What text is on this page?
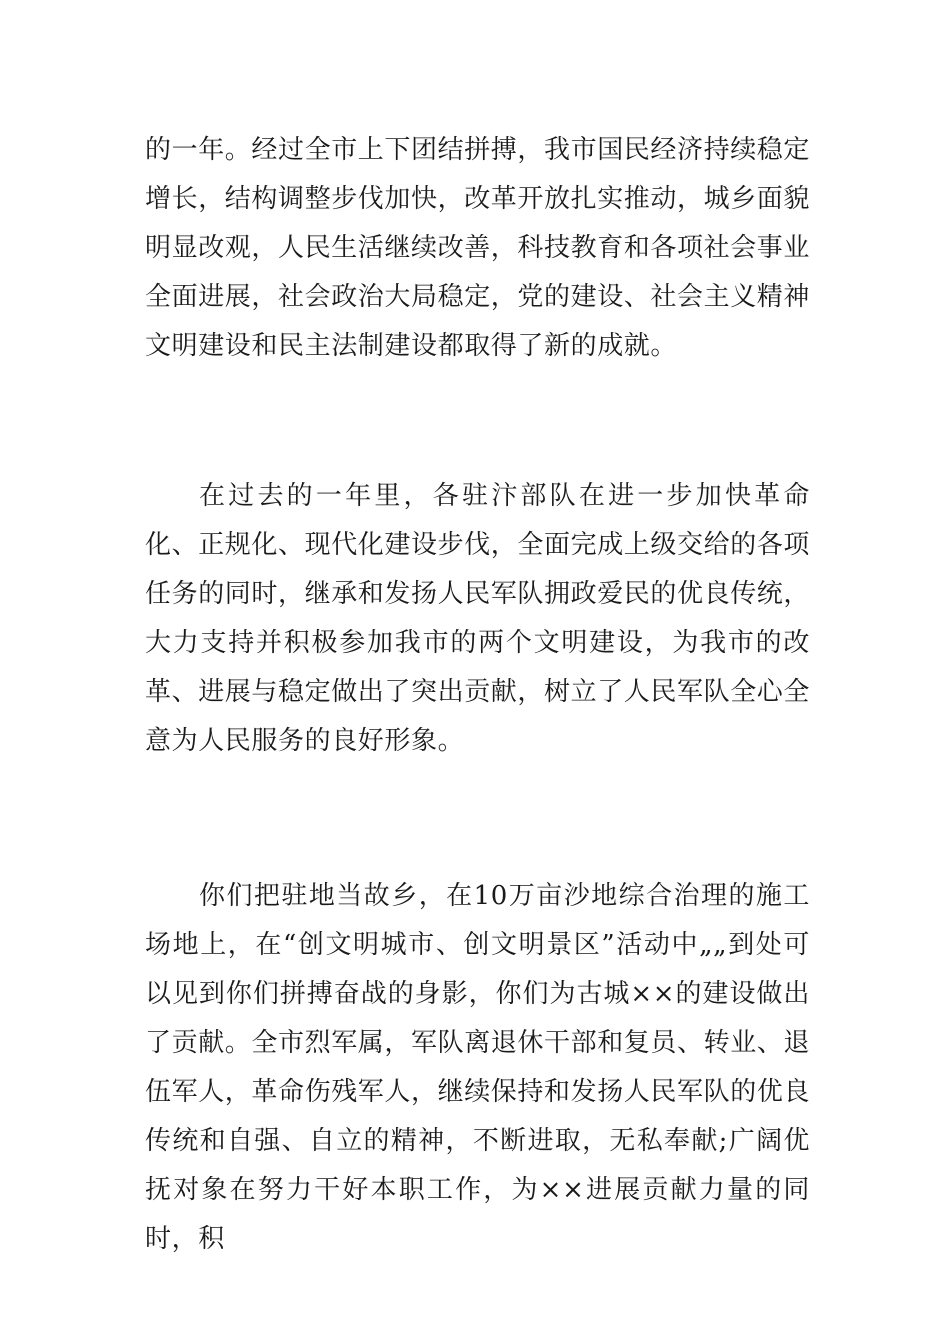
的一年。经过全市上下团结拼搏，我市国民经济持续稳定增长，结构调整步伐加快，改革开放扎实推动，城乡面貌明显改观，人民生活继续改善，科技教育和各项社会事业全面进展，社会政治大局稳定，党的建设、社会主义精神文明建设和民主法制建设都取得了新的成就。

在过去的一年里，各驻汴部队在进一步加快革命化、正规化、现代化建设步伐，全面完成上级交给的各项任务的同时，继承和发扬人民军队拥政爱民的优良传统，大力支持并积极参加我市的两个文明建设，为我市的改革、进展与稳定做出了突出贡献，树立了人民军队全心全意为人民服务的良好形象。

你们把驻地当故乡，在10万亩沙地综合治理的施工场地上，在“创文明城市、创文明景区”活动中„„到处可以见到你们拼搏奋战的身影，你们为古城××的建设做出了贡献。全市烈军属，军队离退休干部和复员、转业、退伍军人，革命伤残军人，继续保持和发扬人民军队的优良传统和自强、自立的精神，不断进取，无私奉献;广阔优抚对象在努力干好本职工作，为××进展贡献力量的同时，积
